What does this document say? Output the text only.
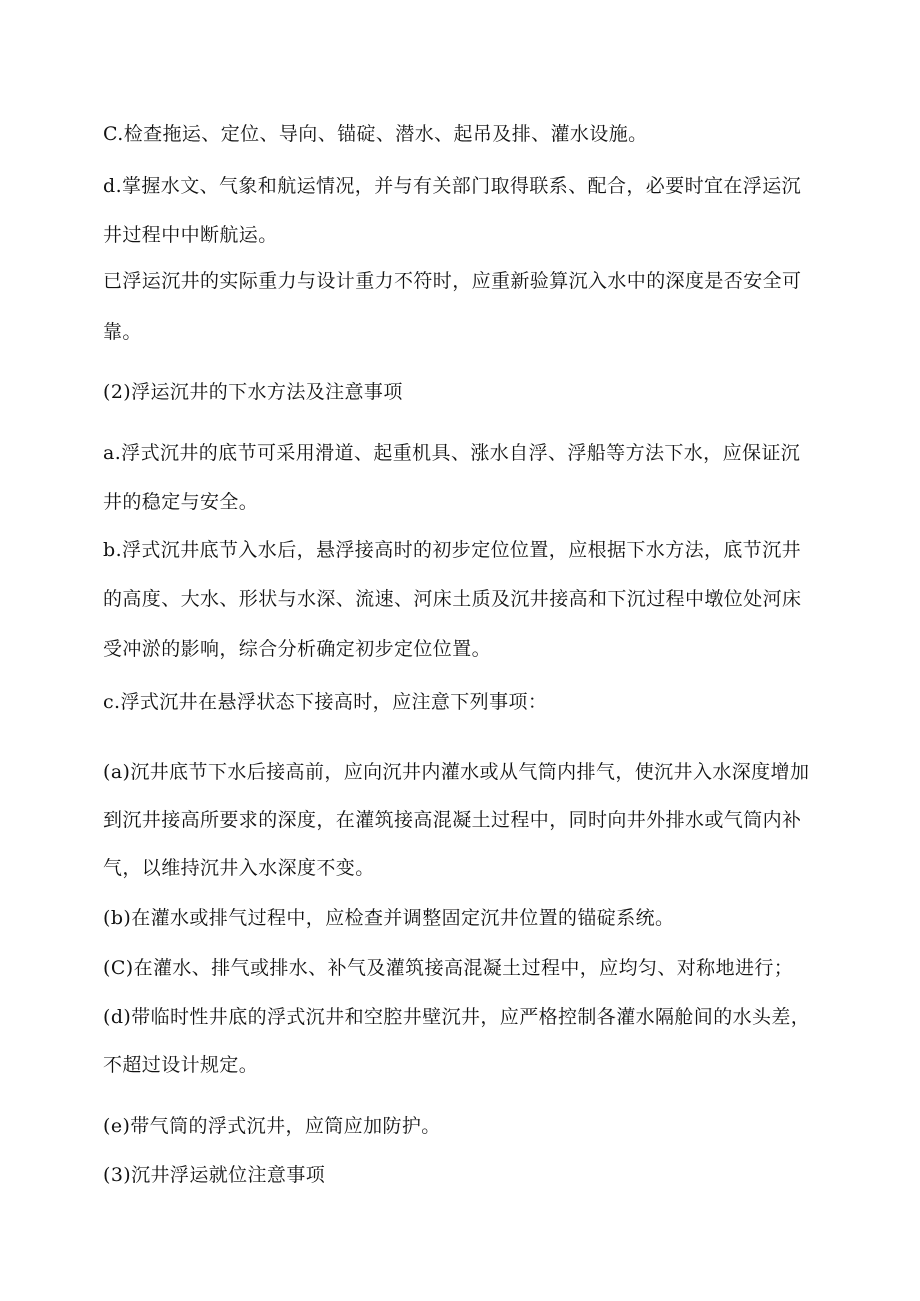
C.检查拖运、定位、导向、锚碇、潜水、起吊及排、灌水设施。

d.掌握水文、气象和航运情况，并与有关部门取得联系、配合，必要时宜在浮运沉

井过程中中断航运。

已浮运沉井的实际重力与设计重力不符时，应重新验算沉入水中的深度是否安全可

靠。

(2)浮运沉井的下水方法及注意事项

a.浮式沉井的底节可采用滑道、起重机具、涨水自浮、浮船等方法下水，应保证沉

井的稳定与安全。

b.浮式沉井底节入水后，悬浮接高时的初步定位位置，应根据下水方法，底节沉井

的高度、大水、形状与水深、流速、河床土质及沉井接高和下沉过程中墩位处河床

受冲淤的影响，综合分析确定初步定位位置。

c.浮式沉井在悬浮状态下接高时，应注意下列事项：

(a)沉井底节下水后接高前，应向沉井内灌水或从气筒内排气，使沉井入水深度增加

到沉井接高所要求的深度，在灌筑接高混凝土过程中，同时向井外排水或气筒内补

气，以维持沉井入水深度不变。

(b)在灌水或排气过程中，应检查并调整固定沉井位置的锚碇系统。

(C)在灌水、排气或排水、补气及灌筑接高混凝土过程中，应均匀、对称地进行；

(d)带临时性井底的浮式沉井和空腔井壁沉井，应严格控制各灌水隔舱间的水头差，

不超过设计规定。

(e)带气筒的浮式沉井，应筒应加防护。

(3)沉井浮运就位注意事项
